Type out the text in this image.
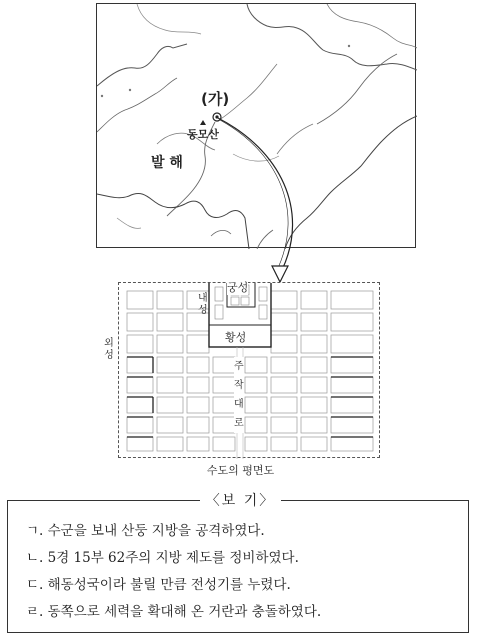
(가)
동모산
발 해
궁성
내
성
황성
주
작
대
로
외
성
수도의 평면도
〈보 기〉
ㄱ. 수군을 보내 산둥 지방을 공격하였다.
ㄴ. 5경 15부 62주의 지방 제도를 정비하였다.
ㄷ. 해동성국이라 불릴 만큼 전성기를 누렸다.
ㄹ. 동쪽으로 세력을 확대해 온 거란과 충돌하였다.
